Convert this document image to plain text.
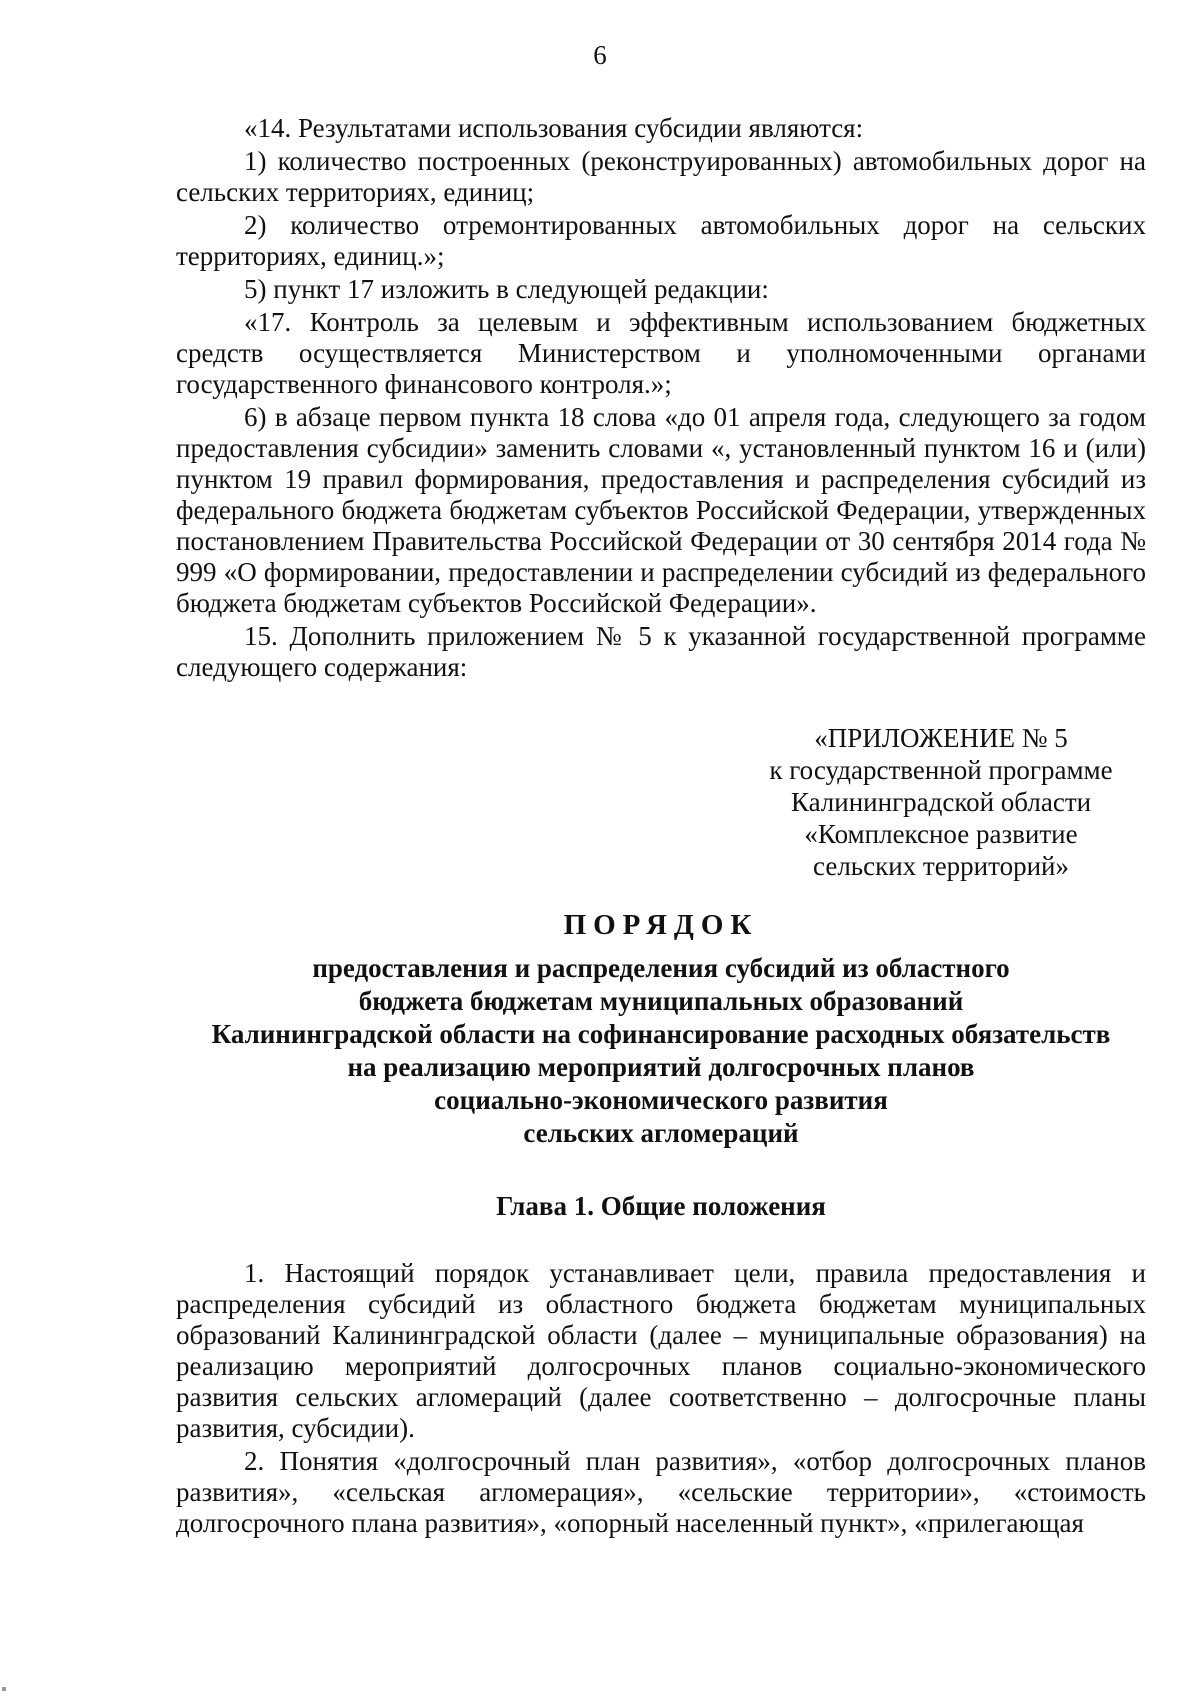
6

«14. Результатами использования субсидии являются:

1) количество построенных (реконструированных) автомобильных дорог на сельских территориях, единиц;

2) количество отремонтированных автомобильных дорог на сельских территориях, единиц.»;

5) пункт 17 изложить в следующей редакции:

«17. Контроль за целевым и эффективным использованием бюджетных средств осуществляется Министерством и уполномоченными органами государственного финансового контроля.»;

6) в абзаце первом пункта 18 слова «до 01 апреля года, следующего за годом предоставления субсидии» заменить словами «, установленный пунктом 16 и (или) пунктом 19 правил формирования, предоставления и распределения субсидий из федерального бюджета бюджетам субъектов Российской Федерации, утвержденных постановлением Правительства Российской Федерации от 30 сентября 2014 года № 999 «О формировании, предоставлении и распределении субсидий из федерального бюджета бюджетам субъектов Российской Федерации».

15. Дополнить приложением № 5 к указанной государственной программе следующего содержания:

«ПРИЛОЖЕНИЕ № 5
к государственной программе
Калининградской области
«Комплексное развитие
сельских территорий»
ПОРЯДОК
предоставления и распределения субсидий из областного
бюджета бюджетам муниципальных образований
Калининградской области на софинансирование расходных обязательств
на реализацию мероприятий долгосрочных планов
социально-экономического развития
сельских агломераций
Глава 1. Общие положения

1. Настоящий порядок устанавливает цели, правила предоставления и распределения субсидий из областного бюджета бюджетам муниципальных образований Калининградской области (далее – муниципальные образования) на реализацию мероприятий долгосрочных планов социально-экономического развития сельских агломераций (далее соответственно – долгосрочные планы развития, субсидии).

2. Понятия «долгосрочный план развития», «отбор долгосрочных планов развития», «сельская агломерация», «сельские территории», «стоимость долгосрочного плана развития», «опорный населенный пункт», «прилегающая
